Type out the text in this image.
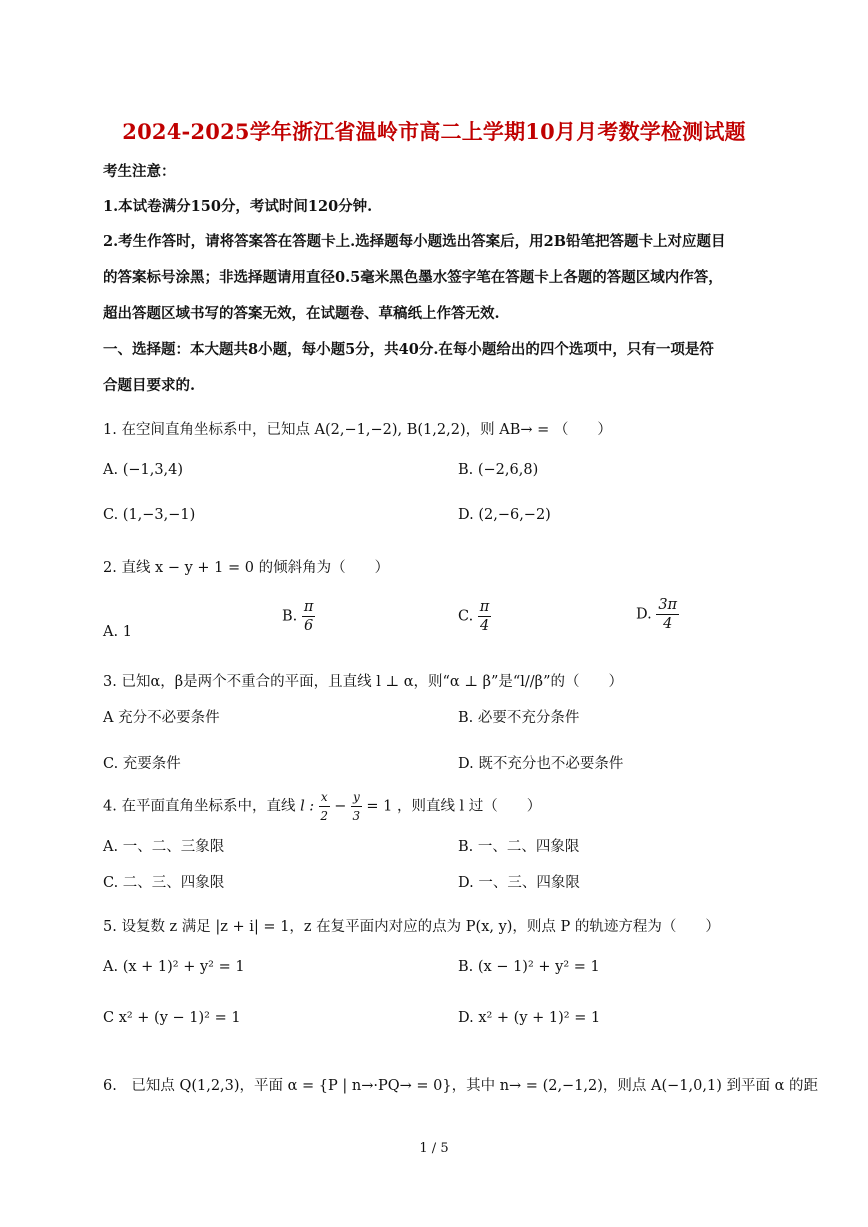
2024-2025学年浙江省温岭市高二上学期10月月考数学检测试题
考生注意：
1.本试卷满分150分，考试时间120分钟.
2.考生作答时，请将答案答在答题卡上.选择题每小题选出答案后，用2B铅笔把答题卡上对应题目
的答案标号涂黑；非选择题请用直径0.5毫米黑色墨水签字笔在答题卡上各题的答题区域内作答，
超出答题区域书写的答案无效，在试题卷、草稿纸上作答无效.
一、选择题：本大题共8小题，每小题5分，共40分.在每小题给出的四个选项中，只有一项是符
合题目要求的.
1. 在空间直角坐标系中，已知点 A(2,−1,−2), B(1,2,2)，则 AB→ = （　　）
A. (−1,3,4)	B. (−2,6,8)
C. (1,−3,−1)	D. (2,−6,−2)
2. 直线 x − y + 1 = 0 的倾斜角为（　　）
A. 1
B. $\frac{\pi}{6}$	C. $\frac{\pi}{4}$	D. $\frac{3\pi}{4}$
3. 已知α，β是两个不重合的平面，且直线 l ⊥ α，则“α ⊥ β”是“l//β”的（　　）
A 充分不必要条件	B. 必要不充分条件
C. 充要条件	D. 既不充分也不必要条件
4. 在平面直角坐标系中，直线 l : $\frac{x}{2} - \frac{y}{3} = 1$ ，则直线 l 过（　　）
A. 一、二、三象限	B. 一、二、四象限
C. 二、三、四象限	D. 一、三、四象限
5. 设复数 z 满足 |z + i| = 1，z 在复平面内对应的点为 P(x, y)，则点 P 的轨迹方程为（　　）
A. (x + 1)² + y² = 1	B. (x − 1)² + y² = 1
C x² + (y − 1)² = 1	D. x² + (y + 1)² = 1
6.　已知点 Q(1,2,3)，平面 α = {P | n→·PQ→ = 0}，其中 n→ = (2,−1,2)，则点 A(−1,0,1) 到平面 α 的距
1 / 5
